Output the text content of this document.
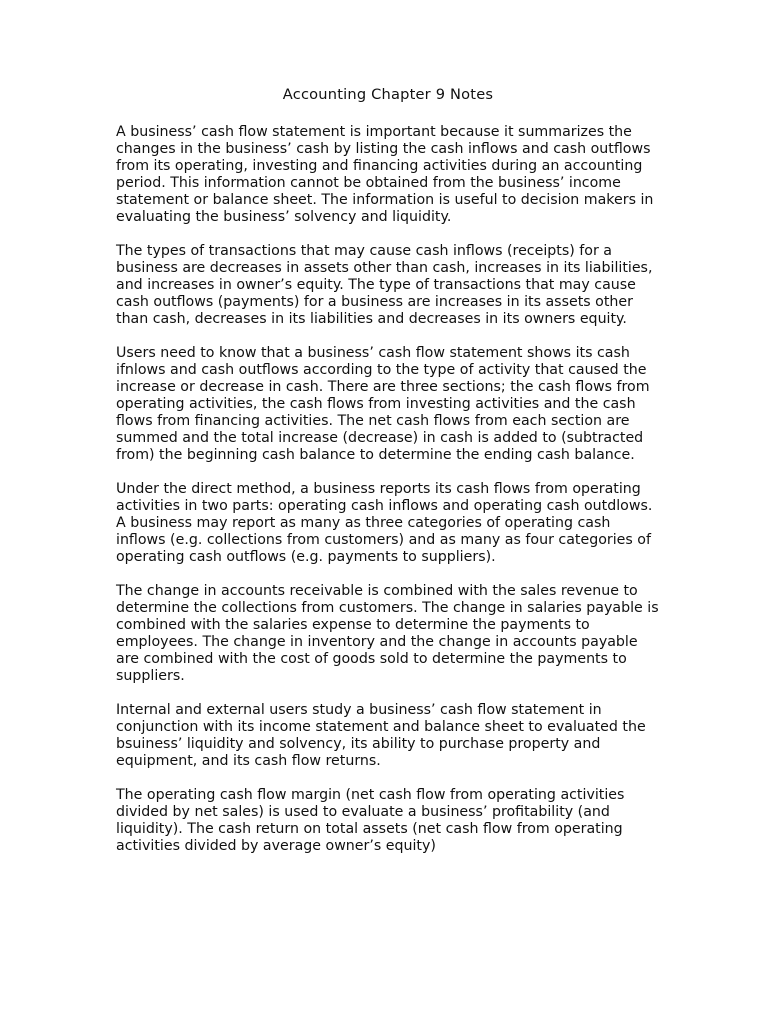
Accounting Chapter 9 Notes

A business’ cash flow statement is important because it summarizes the changes in the business’ cash by listing the cash inflows and cash outflows from its operating, investing and financing activities during an accounting period. This information cannot be obtained from the business’ income statement or balance sheet. The information is useful to decision makers in evaluating the business’ solvency and liquidity.

The types of transactions that may cause cash inflows (receipts) for a business are decreases in assets other than cash, increases in its liabilities, and increases in owner’s equity. The type of transactions that may cause cash outflows (payments) for a business are increases in its assets other than cash, decreases in its liabilities and decreases in its owners equity.

Users need to know that a business’ cash flow statement shows its cash ifnlows and cash outflows according to the type of activity that caused the increase or decrease in cash. There are three sections; the cash flows from operating activities, the cash flows from investing activities and the cash flows from financing activities. The net cash flows from each section are summed and the total increase (decrease) in cash is added to (subtracted from) the beginning cash balance to determine the ending cash balance.

Under the direct method, a business reports its cash flows from operating activities in two parts: operating cash inflows and operating cash outdlows. A business may report as many as three categories of operating cash inflows (e.g. collections from customers) and as many as four categories of operating cash outflows (e.g. payments to suppliers).

The change in accounts receivable is combined with the sales revenue to determine the collections from customers. The change in salaries payable is combined with the salaries expense to determine the payments to employees. The change in inventory and the change in accounts payable are combined with the cost of goods sold to determine the payments to suppliers.

Internal and external users study a business’ cash flow statement in conjunction with its income statement and balance sheet to evaluated the bsuiness’ liquidity and solvency, its ability to purchase property and equipment, and its cash flow returns.

The operating cash flow margin (net cash flow from operating activities divided by net sales) is used to evaluate a business’ profitability (and liquidity). The cash return on total assets (net cash flow from operating activities divided by average owner’s equity)
